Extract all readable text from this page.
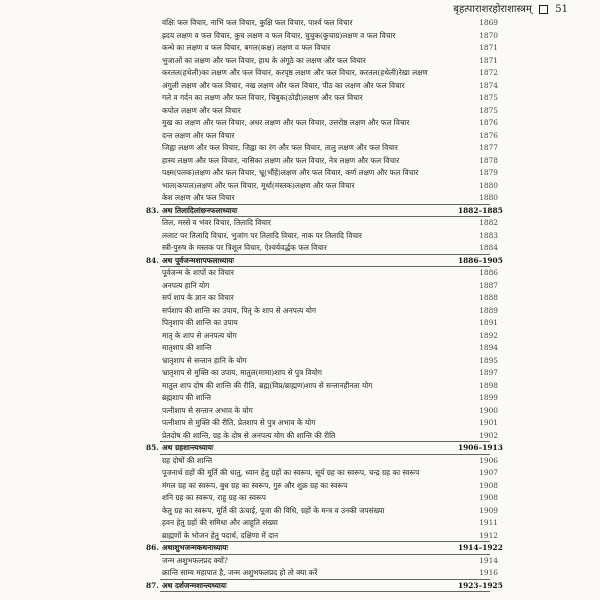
बृहत्पाराशरहोराशास्त्रम् 51
वक्षिः फल विचार, नाभि फल विचार, कुक्षि फल विचार, पार्श्व फल विचार	1869
ह्रदय लक्षण व फल विचार, कुच लक्षण व फल विचार, चुचुक(कुचाग्र)लक्षण व फल विचार	1870
कन्धे का लक्षण व फल विचार, बगल(कक्ष) लक्षण व फल विचार	1871
भुजाओं का लक्षण और फल विचार, हाथ के अंगूठे का लक्षण और फल विचार	1871
करतल(हथेली)का लक्षण और फल विचार, करपृष्ठ लक्षण और फल विचार, करतल(हथेली)रेखा लक्षण	1872
अंगुली लक्षण और फल विचार, नख लक्षण और फल विचार, पीठ का लक्षण और फल विचार	1874
गले व गर्दन का लक्षण और फल विचार, चिबुक(ठोड़ी)लक्षण और फल विचार	1875
कपोल लक्षण और फल विचार	1875
मुख का लक्षण और फल विचार, अधर लक्षण और फल विचार, उत्तरोष्ठ लक्षण और फल विचार	1876
दन्त लक्षण और फल विचार	1876
जिह्वा लक्षण और फल विचार, जिह्वा का रंग और फल विचार, तालु लक्षण और फल विचार	1877
हास्य लक्षण और फल विचार, नासिका लक्षण और फल विचार, नेत्र लक्षण और फल विचार	1878
पक्ष्म(पलक)लक्षण और फल विचार, भ्रू(भौंहें)लक्षण और फल विचार, कर्ण लक्षण और फल विचार	1879
भाल(कपाल)लक्षण और फल विचार, मूर्धा(मस्तक)लक्षण और फल विचार	1880
केश लक्षण और फल विचार	1880
83. अथ तिलादिलांछनफलाध्यायः	1882–1885
तिल, मस्से व भंवर विचार, तिलादि विचार	1882
ललाट पर तिलादि विचार, भुजांग पर तिलादि विचार, नाक पर तिलादि विचार	1883
स्त्री-पुरुष के मस्तक पर त्रिशूल विचार, ऐश्वर्यवर्द्धक फल विचार	1884
84. अथ पूर्वजन्मशापफलाध्यायः	1886–1905
पूर्वजन्म के शापों का विचार	1886
अनपत्य हानि योग	1887
सर्प शाप के ज्ञान का विचार	1888
सर्पशाप की शान्ति का उपाय, पितृ के शाप से अनपत्य योग	1889
पितृशाप की शान्ति का उपाय	1891
मातृ के शाप से अनपत्य योग	1892
मातृशाप की शान्ति	1894
भ्रातृशाप से सन्तान हानि के योग	1895
भ्रातृशाप से मुक्ति का उपाय, मातुल(मामा)शाप से पुत्र वियोग	1897
मातुल शाप दोष की शान्ति की रीति, ब्रह्म(विप्र/ब्राह्मण)शाप से सन्तानहीनता योग	1898
ब्रह्मशाप की शान्ति	1899
पत्नीशाप से सन्तान अभाव के योग	1900
पत्नीशाप से मुक्ति की रीति, प्रेतशाप से पुत्र अभाव के योग	1901
प्रेतदोष की शान्ति, ग्रह के दोष से अनपत्य योग की शान्ति की रीति	1902
85. अथ ग्रहशान्त्यध्यायः	1906–1913
ग्रह दोषों की शान्ति	1906
पूजनार्थ ग्रहों की मूर्ति की धातु, ध्यान हेतु ग्रहों का स्वरूप, सूर्य ग्रह का स्वरूप, चन्द्र ग्रह का स्वरूप	1907
मंगल ग्रह का स्वरूप, बुध ग्रह का स्वरूप, गुरु और शुक्र ग्रह का स्वरूप	1908
शनि ग्रह का स्वरूप, राहु ग्रह का स्वरूप	1908
केतु ग्रह का स्वरूप, मूर्ति की ऊंचाई, पूजा की विधि, ग्रहों के मन्त्र व उनकी जपसंख्या	1909
हवन हेतु ग्रहों की समिधा और आहुति संख्या	1911
ब्राह्मणों के भोजन हेतु पदार्थ, दक्षिणा में दान	1912
86. अथाशुभजन्मकथनाध्यायः	1914–1922
जन्म अशुभफलप्रद क्यों?	1914
क्रान्ति साम्य महापात है, जन्म अशुभफलप्रद हो तो क्या करें	1916
87. अथ दर्शजन्मशान्त्यध्यायः	1923–1925
